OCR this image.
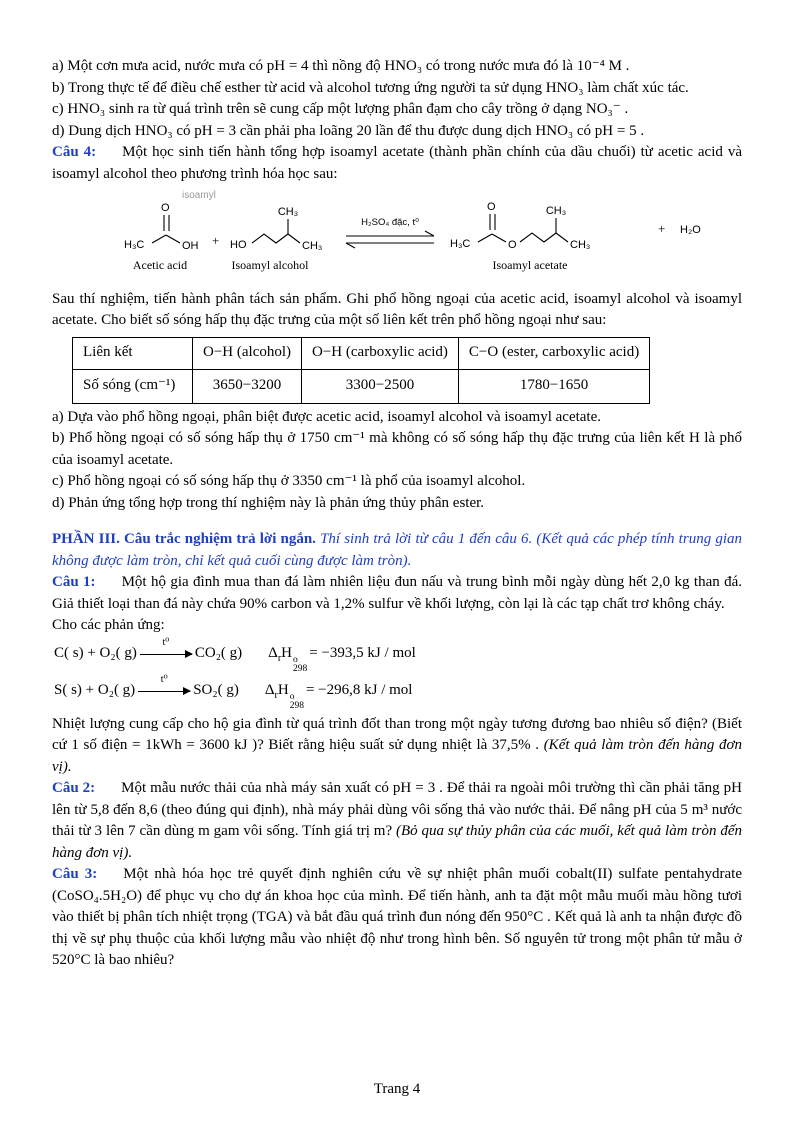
a) Một cơn mưa acid, nước mưa có pH = 4 thì nồng độ HNO₃ có trong nước mưa đó là 10⁻⁴ M .

b) Trong thực tế để điều chế esther từ acid và alcohol tương ứng người ta sử dụng HNO₃ làm chất xúc tác.

c) HNO₃ sinh ra từ quá trình trên sẽ cung cấp một lượng phân đạm cho cây trồng ở dạng NO₃⁻ .

d) Dung dịch HNO₃ có pH = 3 cần phải pha loãng 20 lần để thu được dung dịch HNO₃ có pH = 5 .

Câu 4: Một học sinh tiến hành tổng hợp isoamyl acetate (thành phần chính của dầu chuối) từ acetic acid và isoamyl alcohol theo phương trình hóa học sau:

isoamyl
H₃C
O
OH
Acetic acid
+ HO
CH₃
CH₃
Isoamyl alcohol
H₂SO₄ đặc, t⁰
H₃C
O
O
CH₃
CH₃
Isoamyl acetate
+ H₂O

Sau thí nghiệm, tiến hành phân tách sản phẩm. Ghi phổ hồng ngoại của acetic acid, isoamyl alcohol và isoamyl acetate. Cho biết số sóng hấp thụ đặc trưng của một số liên kết trên phổ hồng ngoại như sau:

Liên kết	O−H (alcohol)	O−H (carboxylic acid)	C−O (ester, carboxylic acid)
Số sóng (cm⁻¹)	3650−3200	3300−2500	1780−1650

a) Dựa vào phổ hồng ngoại, phân biệt được acetic acid, isoamyl alcohol và isoamyl acetate.

b) Phổ hồng ngoại có số sóng hấp thụ ở 1750 cm⁻¹ mà không có số sóng hấp thụ đặc trưng của liên kết H là phổ của isoamyl acetate.

c) Phổ hồng ngoại có số sóng hấp thụ ở 3350 cm⁻¹ là phổ của isoamyl alcohol.

d) Phản ứng tổng hợp trong thí nghiệm này là phản ứng thủy phân ester.

PHẦN III. Câu trắc nghiệm trả lời ngắn. Thí sinh trả lời từ câu 1 đến câu 6. (Kết quả các phép tính trung gian không được làm tròn, chỉ kết quả cuối cùng được làm tròn).

Câu 1: Một hộ gia đình mua than đá làm nhiên liệu đun nấu và trung bình mỗi ngày dùng hết 2,0 kg than đá. Giả thiết loại than đá này chứa 90% carbon và 1,2% sulfur về khối lượng, còn lại là các tạp chất trơ không cháy.

Cho các phản ứng:

C( s) + O₂( g)
t⁰
CO₂( g) $\Delta_rH$ o
298
= −393,5 kJ / mol
S( s) + O₂( g)
t⁰
SO₂( g) $\Delta_rH$ o
298
= −296,8 kJ / mol

Nhiệt lượng cung cấp cho hộ gia đình từ quá trình đốt than trong một ngày tương đương bao nhiêu số điện? (Biết cứ 1 số điện = 1kWh = 3600 kJ )? Biết rằng hiệu suất sử dụng nhiệt là 37,5% . (Kết quả làm tròn đến hàng đơn vị).

Câu 2: Một mẫu nước thải của nhà máy sản xuất có pH = 3 . Để thải ra ngoài môi trường thì cần phải tăng pH lên từ 5,8 đến 8,6 (theo đúng qui định), nhà máy phải dùng vôi sống thả vào nước thải. Để nâng pH của 5 m³ nước thải từ 3 lên 7 cần dùng m gam vôi sống. Tính giá trị m? (Bỏ qua sự thủy phân của các muối, kết quả làm tròn đến hàng đơn vị).

Câu 3: Một nhà hóa học trẻ quyết định nghiên cứu về sự nhiệt phân muối cobalt(II) sulfate pentahydrate (CoSO₄.5H₂O) để phục vụ cho dự án khoa học của mình. Để tiến hành, anh ta đặt một mẫu muối màu hồng tươi vào thiết bị phân tích nhiệt trọng (TGA) và bắt đầu quá trình đun nóng đến 950°C . Kết quả là anh ta nhận được đồ thị về sự phụ thuộc của khối lượng mẫu vào nhiệt độ như trong hình bên. Số nguyên tử trong một phân tử mẫu ở 520°C là bao nhiêu?

Trang 4
